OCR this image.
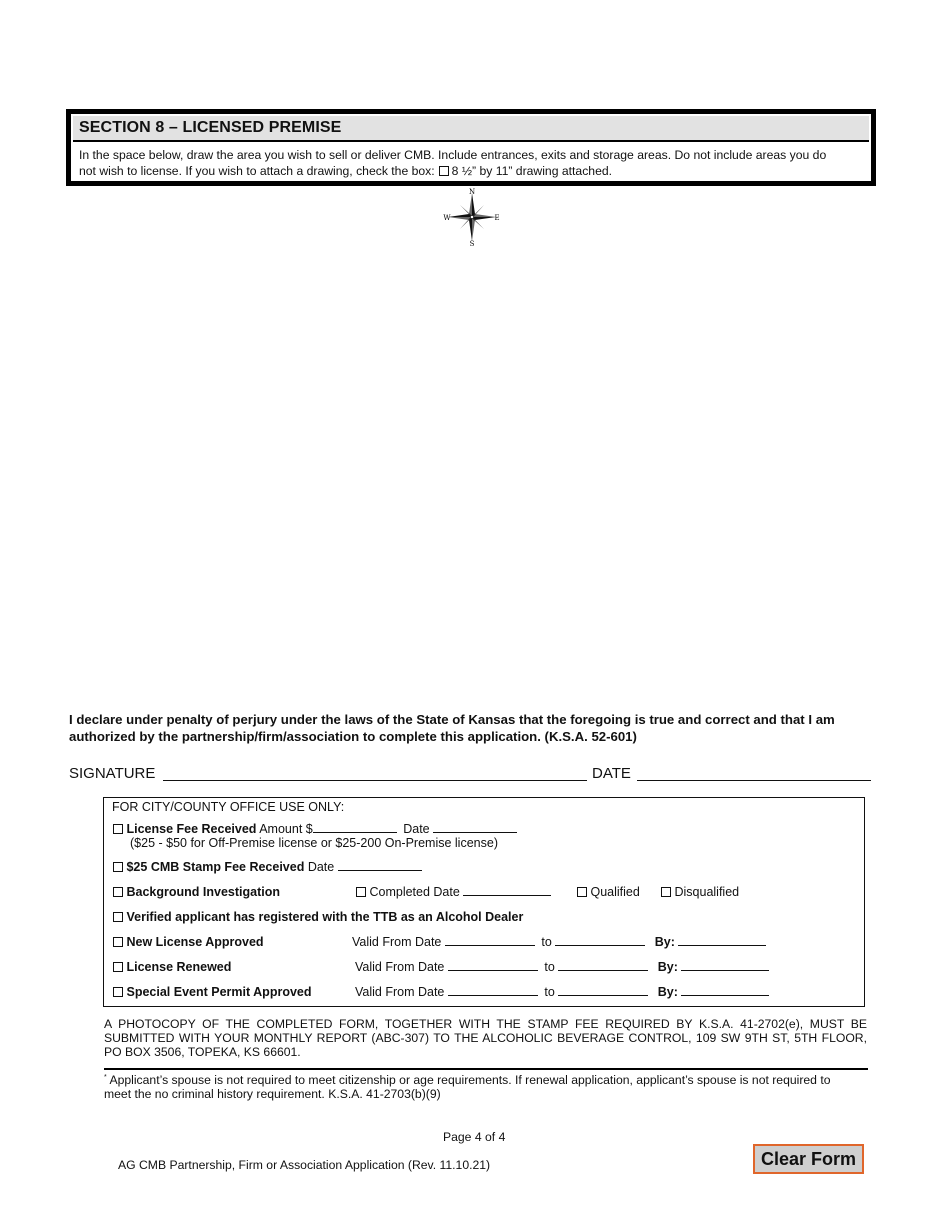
SECTION 8 – LICENSED PREMISE
In the space below, draw the area you wish to sell or deliver CMB. Include entrances, exits and storage areas. Do not include areas you do
not wish to license. If you wish to attach a drawing, check the box: 8 ½” by 11” drawing attached.
N
S
E
W
I declare under penalty of perjury under the laws of the State of Kansas that the foregoing is true and correct and that I am authorized by the partnership/firm/association to complete this application. (K.S.A. 52-601)
SIGNATURE	DATE
FOR CITY/COUNTY OFFICE USE ONLY:
License Fee Received Amount $	Date
($25 - $50 for Off-Premise license or $25-200 On-Premise license)
$25 CMB Stamp Fee Received Date
Background Investigation	Completed Date	Qualified	Disqualified
Verified applicant has registered with the TTB as an Alcohol Dealer
New License Approved	Valid From Date	to	By:
License Renewed	Valid From Date	to	By:
Special Event Permit Approved	Valid From Date	to	By:
A PHOTOCOPY OF THE COMPLETED FORM, TOGETHER WITH THE STAMP FEE REQUIRED BY K.S.A. 41-2702(e), MUST BE SUBMITTED WITH YOUR MONTHLY REPORT (ABC-307) TO THE ALCOHOLIC BEVERAGE CONTROL, 109 SW 9TH ST, 5TH FLOOR, PO BOX 3506, TOPEKA, KS 66601.
* Applicant’s spouse is not required to meet citizenship or age requirements. If renewal application, applicant’s spouse is not required to meet the no criminal history requirement. K.S.A. 41-2703(b)(9)
Page 4 of 4
AG CMB Partnership, Firm or Association Application (Rev. 11.10.21)	Clear Form
